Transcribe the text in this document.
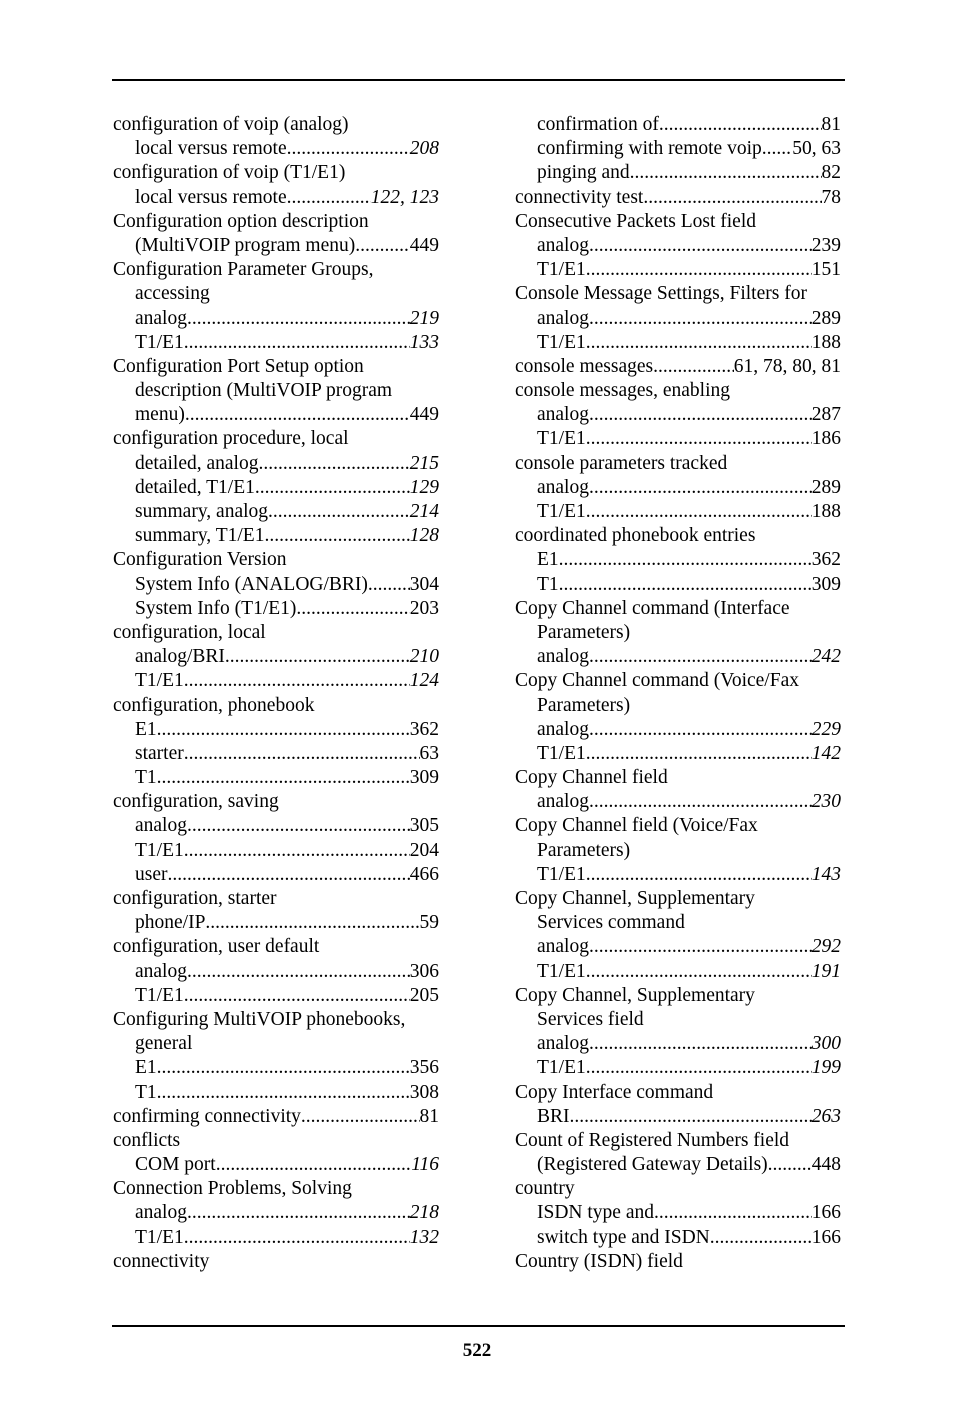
configuration of voip (analog)
local versus remote .....	208
configuration of voip (T1/E1)
local versus remote .....	122, 123
Configuration option description
(MultiVOIP program menu) .....	449
Configuration Parameter Groups,
accessing
analog .....	219
T1/E1 .....	133
Configuration Port Setup option
description (MultiVOIP program
menu) .....	449
configuration procedure, local
detailed, analog .....	215
detailed, T1/E1 .....	129
summary, analog .....	214
summary, T1/E1 .....	128
Configuration Version
System Info (ANALOG/BRI) ..... 304
System Info (T1/E1) .....	203
configuration, local
analog/BRI .....	210
T1/E1 .....	124
configuration, phonebook
E1 .....	362
starter .....	63
T1 .....	309
configuration, saving
analog .....	305
T1/E1 .....	204
user .....	466
configuration, starter
phone/IP .....	59
configuration, user default
analog .....	306
T1/E1 .....	205
Configuring MultiVOIP phonebooks,
general
E1 .....	356
T1 .....	308
confirming connectivity .....	81
conflicts
COM port .....	116
Connection Problems, Solving
analog .....	218
T1/E1 .....	132
connectivity
confirmation of .....	81
confirming with remote voip ..... 50, 63
pinging and .....	82
connectivity test .....	78
Consecutive Packets Lost field
analog .....	239
T1/E1 .....	151
Console Message Settings, Filters for
analog .....	289
T1/E1 .....	188
console messages .....	61, 78, 80, 81
console messages, enabling
analog .....	287
T1/E1 .....	186
console parameters tracked
analog .....	289
T1/E1 .....	188
coordinated phonebook entries
E1 .....	362
T1 .....	309
Copy Channel command (Interface
Parameters)
analog .....	242
Copy Channel command (Voice/Fax
Parameters)
analog .....	229
T1/E1 .....	142
Copy Channel field
analog .....	230
Copy Channel field (Voice/Fax
Parameters)
T1/E1 .....	143
Copy Channel, Supplementary
Services command
analog .....	292
T1/E1 .....	191
Copy Channel, Supplementary
Services field
analog .....	300
T1/E1 .....	199
Copy Interface command
BRI .....	263
Count of Registered Numbers field
(Registered Gateway Details) ..... 448
country
ISDN type and .....	166
switch type and ISDN .....	166
Country (ISDN) field
522
